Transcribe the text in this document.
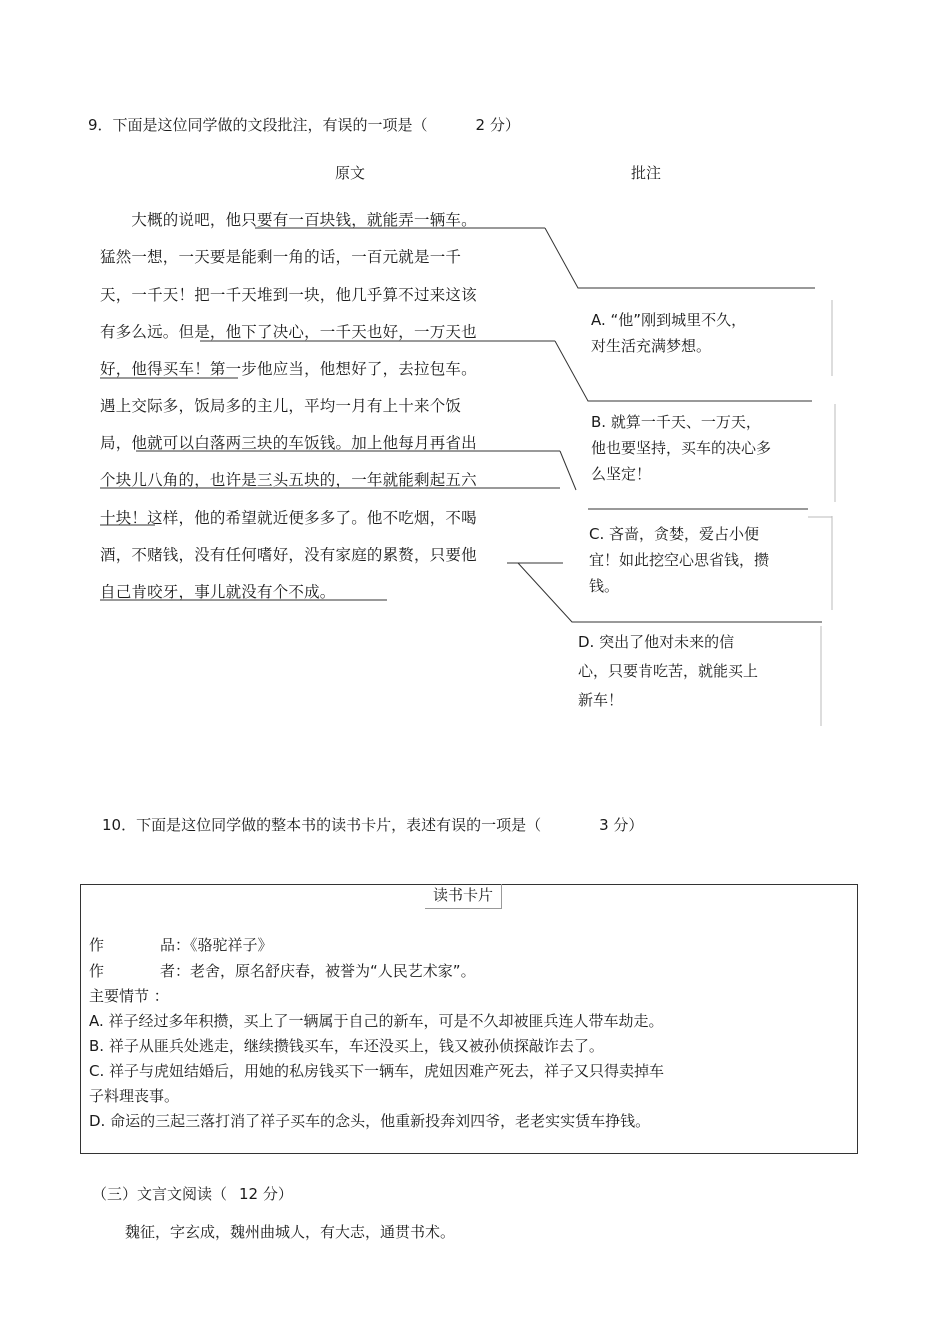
9．下面是这位同学做的文段批注，有误的一项是（	2 分）
原文	批注
　　大概的说吧，他只要有一百块钱，就能弄一辆车。
猛然一想，一天要是能剩一角的话，一百元就是一千
天，一千天！把一千天堆到一块，他几乎算不过来这该
有多么远。但是，他下了决心，一千天也好，一万天也
好，他得买车！第一步他应当，他想好了，去拉包车。
遇上交际多，饭局多的主儿，平均一月有上十来个饭
局，他就可以白落两三块的车饭钱。加上他每月再省出
个块儿八角的，也许是三头五块的，一年就能剩起五六
十块！这样，他的希望就近便多多了。他不吃烟，不喝
酒，不赌钱，没有任何嗜好，没有家庭的累赘，只要他
自己肯咬牙，事儿就没有个不成。
A. “他”刚到城里不久，
对生活充满梦想。
B. 就算一千天、一万天，
他也要坚持，买车的决心多
么坚定！
C. 吝啬，贪婪，爱占小便
宜！如此挖空心思省钱，攒
钱。
D. 突出了他对未来的信
心，只要肯吃苦，就能买上
新车！
10．下面是这位同学做的整本书的读书卡片，表述有误的一项是（	3 分）
读书卡片
作	品：《骆驼祥子》
作	者：老舍，原名舒庆春，被誉为“人民艺术家”。
主要情节 ：
A. 祥子经过多年积攒，买上了一辆属于自己的新车，可是不久却被匪兵连人带车劫走。
B. 祥子从匪兵处逃走，继续攒钱买车，车还没买上，钱又被孙侦探敲诈去了。
C. 祥子与虎妞结婚后，用她的私房钱买下一辆车，虎妞因难产死去，祥子又只得卖掉车
子料理丧事。
D. 命运的三起三落打消了祥子买车的念头，他重新投奔刘四爷，老老实实赁车挣钱。
（三）文言文阅读（ 12 分）
魏征，字玄成，魏州曲城人，有大志，通贯书术。
